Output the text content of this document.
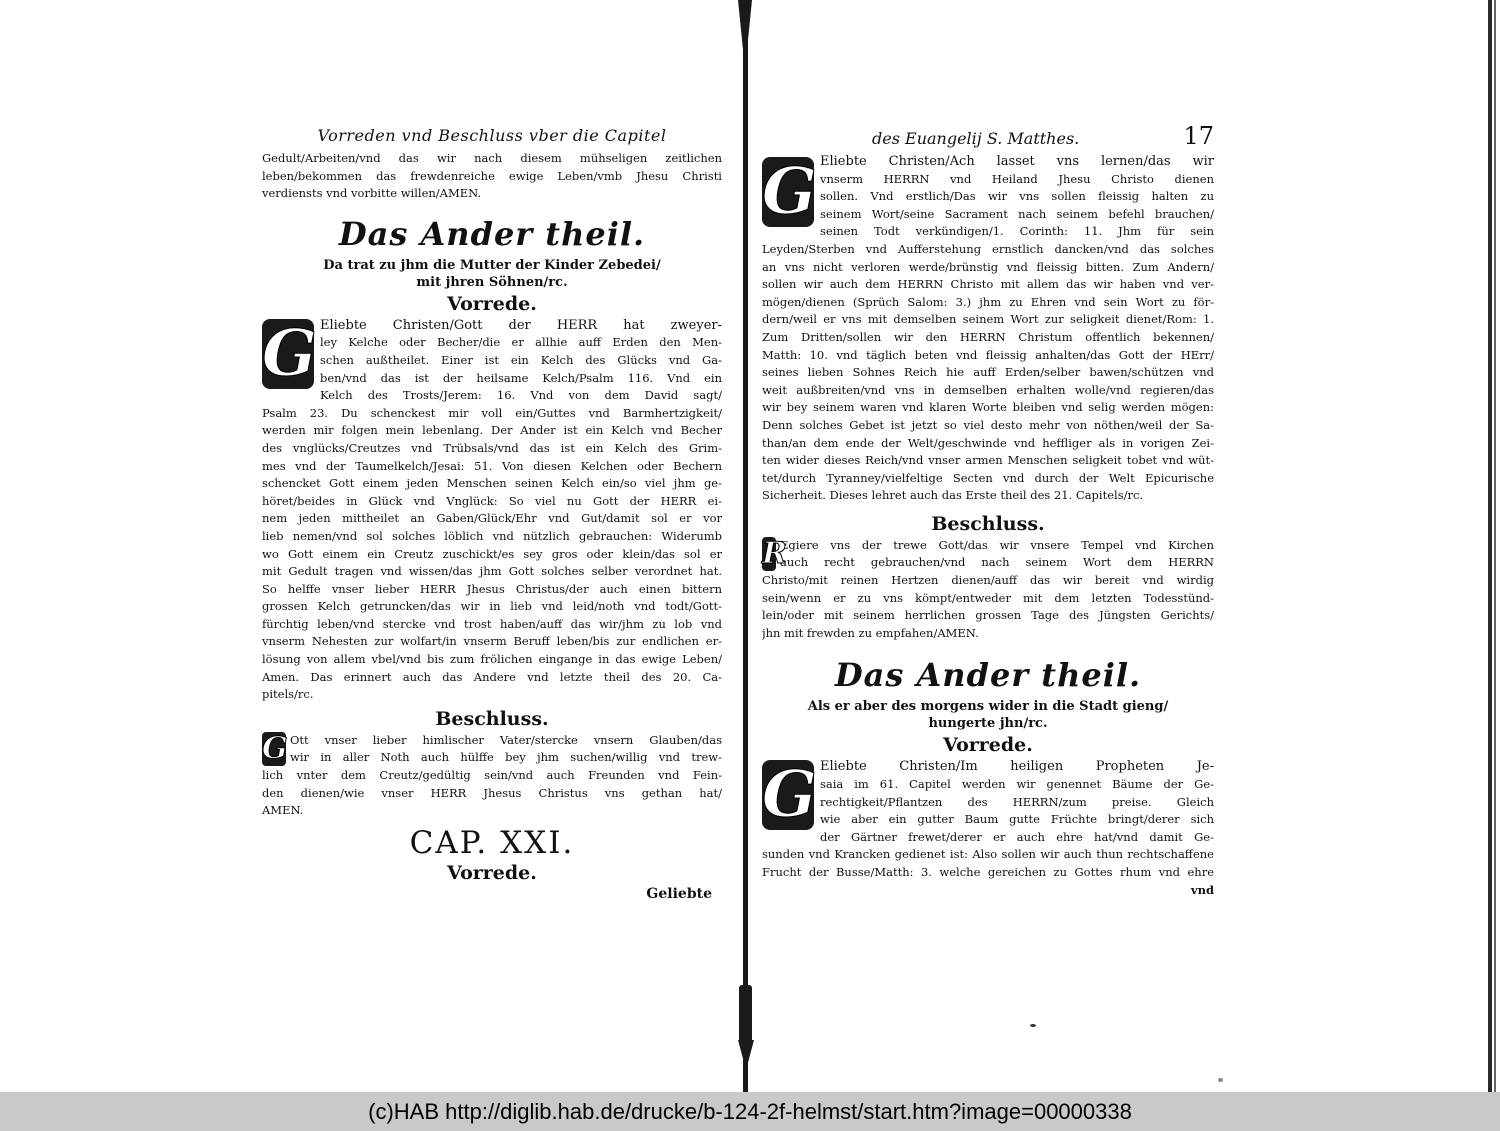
Vorreden vnd Beschluss vber die Capitel
Gedult/Arbeiten/vnd das wir nach diesem mühseligen zeitlichen
leben/bekommen das frewdenreiche ewige Leben/vmb Jhesu Christi
verdiensts vnd vorbitte willen/AMEN.
Das Ander theil.
Da trat zu jhm die Mutter der Kinder Zebedei/
mit jhren Söhnen/rc.
Vorrede.
G Eliebte Christen/Gott der HERR hat zweyer-
ley Kelche oder Becher/die er allhie auff Erden den Men-
schen außtheilet. Einer ist ein Kelch des Glücks vnd Ga-
ben/vnd das ist der heilsame Kelch/Psalm 116. Vnd ein
Kelch des Trosts/Jerem: 16. Vnd von dem David sagt/
Psalm 23. Du schenckest mir voll ein/Guttes vnd Barmhertzigkeit/
werden mir folgen mein lebenlang. Der Ander ist ein Kelch vnd Becher
des vnglücks/Creutzes vnd Trübsals/vnd das ist ein Kelch des Grim-
mes vnd der Taumelkelch/Jesai: 51. Von diesen Kelchen oder Bechern
schencket Gott einem jeden Menschen seinen Kelch ein/so viel jhm ge-
höret/beides in Glück vnd Vnglück: So viel nu Gott der HERR ei-
nem jeden mittheilet an Gaben/Glück/Ehr vnd Gut/damit sol er vor
lieb nemen/vnd sol solches löblich vnd nützlich gebrauchen: Widerumb
wo Gott einem ein Creutz zuschickt/es sey gros oder klein/das sol er
mit Gedult tragen vnd wissen/das jhm Gott solches selber verordnet hat.
So helffe vnser lieber HERR Jhesus Christus/der auch einen bittern
grossen Kelch getruncken/das wir in lieb vnd leid/noth vnd todt/Gott-
fürchtig leben/vnd stercke vnd trost haben/auff das wir/jhm zu lob vnd
vnserm Nehesten zur wolfart/in vnserm Beruff leben/bis zur endlichen er-
lösung von allem vbel/vnd bis zum frölichen eingange in das ewige Leben/
Amen. Das erinnert auch das Andere vnd letzte theil des 20. Ca-
pitels/rc.
Beschluss.
G Ott vnser lieber himlischer Vater/stercke vnsern Glauben/das
wir in aller Noth auch hülffe bey jhm suchen/willig vnd trew-
lich vnter dem Creutz/gedültig sein/vnd auch Freunden vnd Fein-
den dienen/wie vnser HERR Jhesus Christus vns gethan hat/
AMEN.
CAP. XXI.
Vorrede.
Geliebte
des Euangelij S. Matthes.	17
G Eliebte Christen/Ach lasset vns lernen/das wir
vnserm HERRN vnd Heiland Jhesu Christo dienen
sollen. Vnd erstlich/Das wir vns sollen fleissig halten zu
seinem Wort/seine Sacrament nach seinem befehl brauchen/
seinen Todt verkündigen/1. Corinth: 11. Jhm für sein
Leyden/Sterben vnd Aufferstehung ernstlich dancken/vnd das solches
an vns nicht verloren werde/brünstig vnd fleissig bitten. Zum Andern/
sollen wir auch dem HERRN Christo mit allem das wir haben vnd ver-
mögen/dienen (Sprüch Salom: 3.) jhm zu Ehren vnd sein Wort zu för-
dern/weil er vns mit demselben seinem Wort zur seligkeit dienet/Rom: 1.
Zum Dritten/sollen wir den HERRN Christum offentlich bekennen/
Matth: 10. vnd täglich beten vnd fleissig anhalten/das Gott der HErr/
seines lieben Sohnes Reich hie auff Erden/selber bawen/schützen vnd
weit außbreiten/vnd vns in demselben erhalten wolle/vnd regieren/das
wir bey seinem waren vnd klaren Worte bleiben vnd selig werden mögen:
Denn solches Gebet ist jetzt so viel desto mehr von nöthen/weil der Sa-
than/an dem ende der Welt/geschwinde vnd heffliger als in vorigen Zei-
ten wider dieses Reich/vnd vnser armen Menschen seligkeit tobet vnd wüt-
tet/durch Tyranney/vielfeltige Secten vnd durch der Welt Epicurische
Sicherheit. Dieses lehret auch das Erste theil des 21. Capitels/rc.
Beschluss.
R
Egiere vns der trewe Gott/das wir vnsere Tempel vnd Kirchen
auch recht gebrauchen/vnd nach seinem Wort dem HERRN
Christo/mit reinen Hertzen dienen/auff das wir bereit vnd wirdig
sein/wenn er zu vns kömpt/entweder mit dem letzten Todesstünd-
lein/oder mit seinem herrlichen grossen Tage des Jüngsten Gerichts/
jhn mit frewden zu empfahen/AMEN.
Das Ander theil.
Als er aber des morgens wider in die Stadt gieng/
hungerte jhn/rc.
Vorrede.
G Eliebte Christen/Im heiligen Propheten Je-
saia im 61. Capitel werden wir genennet Bäume der Ge-
rechtigkeit/Pflantzen des HERRN/zum preise. Gleich
wie aber ein gutter Baum gutte Früchte bringt/derer sich
der Gärtner frewet/derer er auch ehre hat/vnd damit Ge-
sunden vnd Krancken gedienet ist: Also sollen wir auch thun rechtschaffene
Frucht der Busse/Matth: 3. welche gereichen zu Gottes rhum vnd ehre
vnd
(c)HAB http://diglib.hab.de/drucke/b-124-2f-helmst/start.htm?image=00000338
